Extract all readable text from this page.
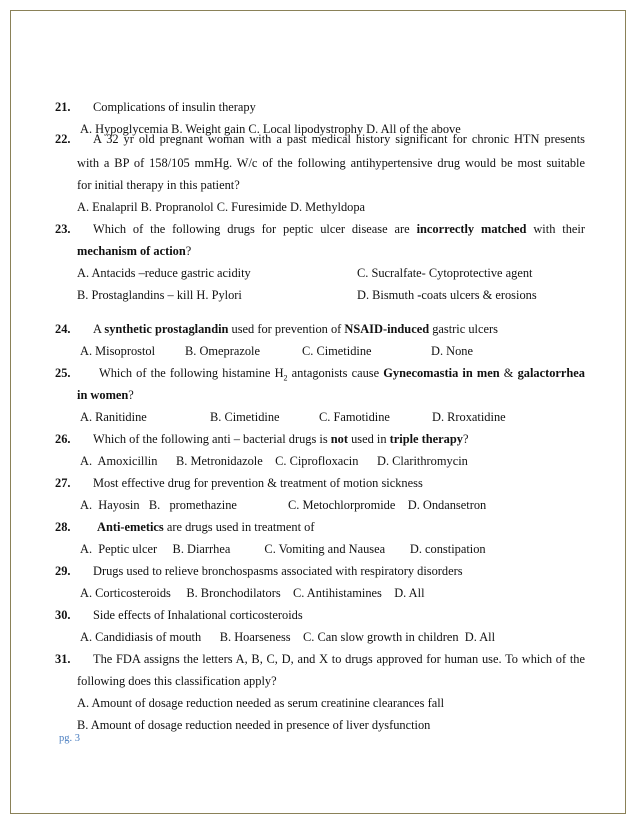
21. Complications of insulin therapy
A. Hypoglycemia B. Weight gain C. Local lipodystrophy D. All of the above
22. A 32 yr old pregnant woman with a past medical history significant for chronic HTN presents
with a BP of 158/105 mmHg. W/c of the following antihypertensive drug would be most suitable
for initial therapy in this patient?
A. Enalapril B. Propranolol C. Furesimide D. Methyldopa
23. Which of the following drugs for peptic ulcer disease are incorrectly matched with their
mechanism of action?
A. Antacids –reduce gastric acidity	C. Sucralfate- Cytoprotective agent
B. Prostaglandins – kill H. Pylori	D. Bismuth -coats ulcers & erosions
24. A synthetic prostaglandin used for prevention of NSAID-induced gastric ulcers
A. Misoprostol B. Omeprazole	C. Cimetidine	D. None
25. Which of the following histamine $H_2$ antagonists cause Gynecomastia in men & galactorrhea
in women?
A. Ranitidine	B. Cimetidine	C. Famotidine	D. Rroxatidine
26. Which of the following anti – bacterial drugs is not used in triple therapy?
A.  Amoxicillin      B. Metronidazole    C. Ciprofloxacin      D. Clarithromycin
27. Most effective drug for prevention & treatment of motion sickness
A.  Hayosin   B.   promethazine	C. Metochlorpromide    D. Ondansetron
28. Anti-emetics are drugs used in treatment of
A.  Peptic ulcer     B. Diarrhea           C. Vomiting and Nausea        D. constipation
29. Drugs used to relieve bronchospasms associated with respiratory disorders
A. Corticosteroids     B. Bronchodilators    C. Antihistamines    D. All
30. Side effects of Inhalational corticosteroids
A. Candidiasis of mouth      B. Hoarseness    C. Can slow growth in children  D. All
31. The FDA assigns the letters A, B, C, D, and X to drugs approved for human use. To which of the
following does this classification apply?
A. Amount of dosage reduction needed as serum creatinine clearances fall
B. Amount of dosage reduction needed in presence of liver dysfunction
pg. 3
